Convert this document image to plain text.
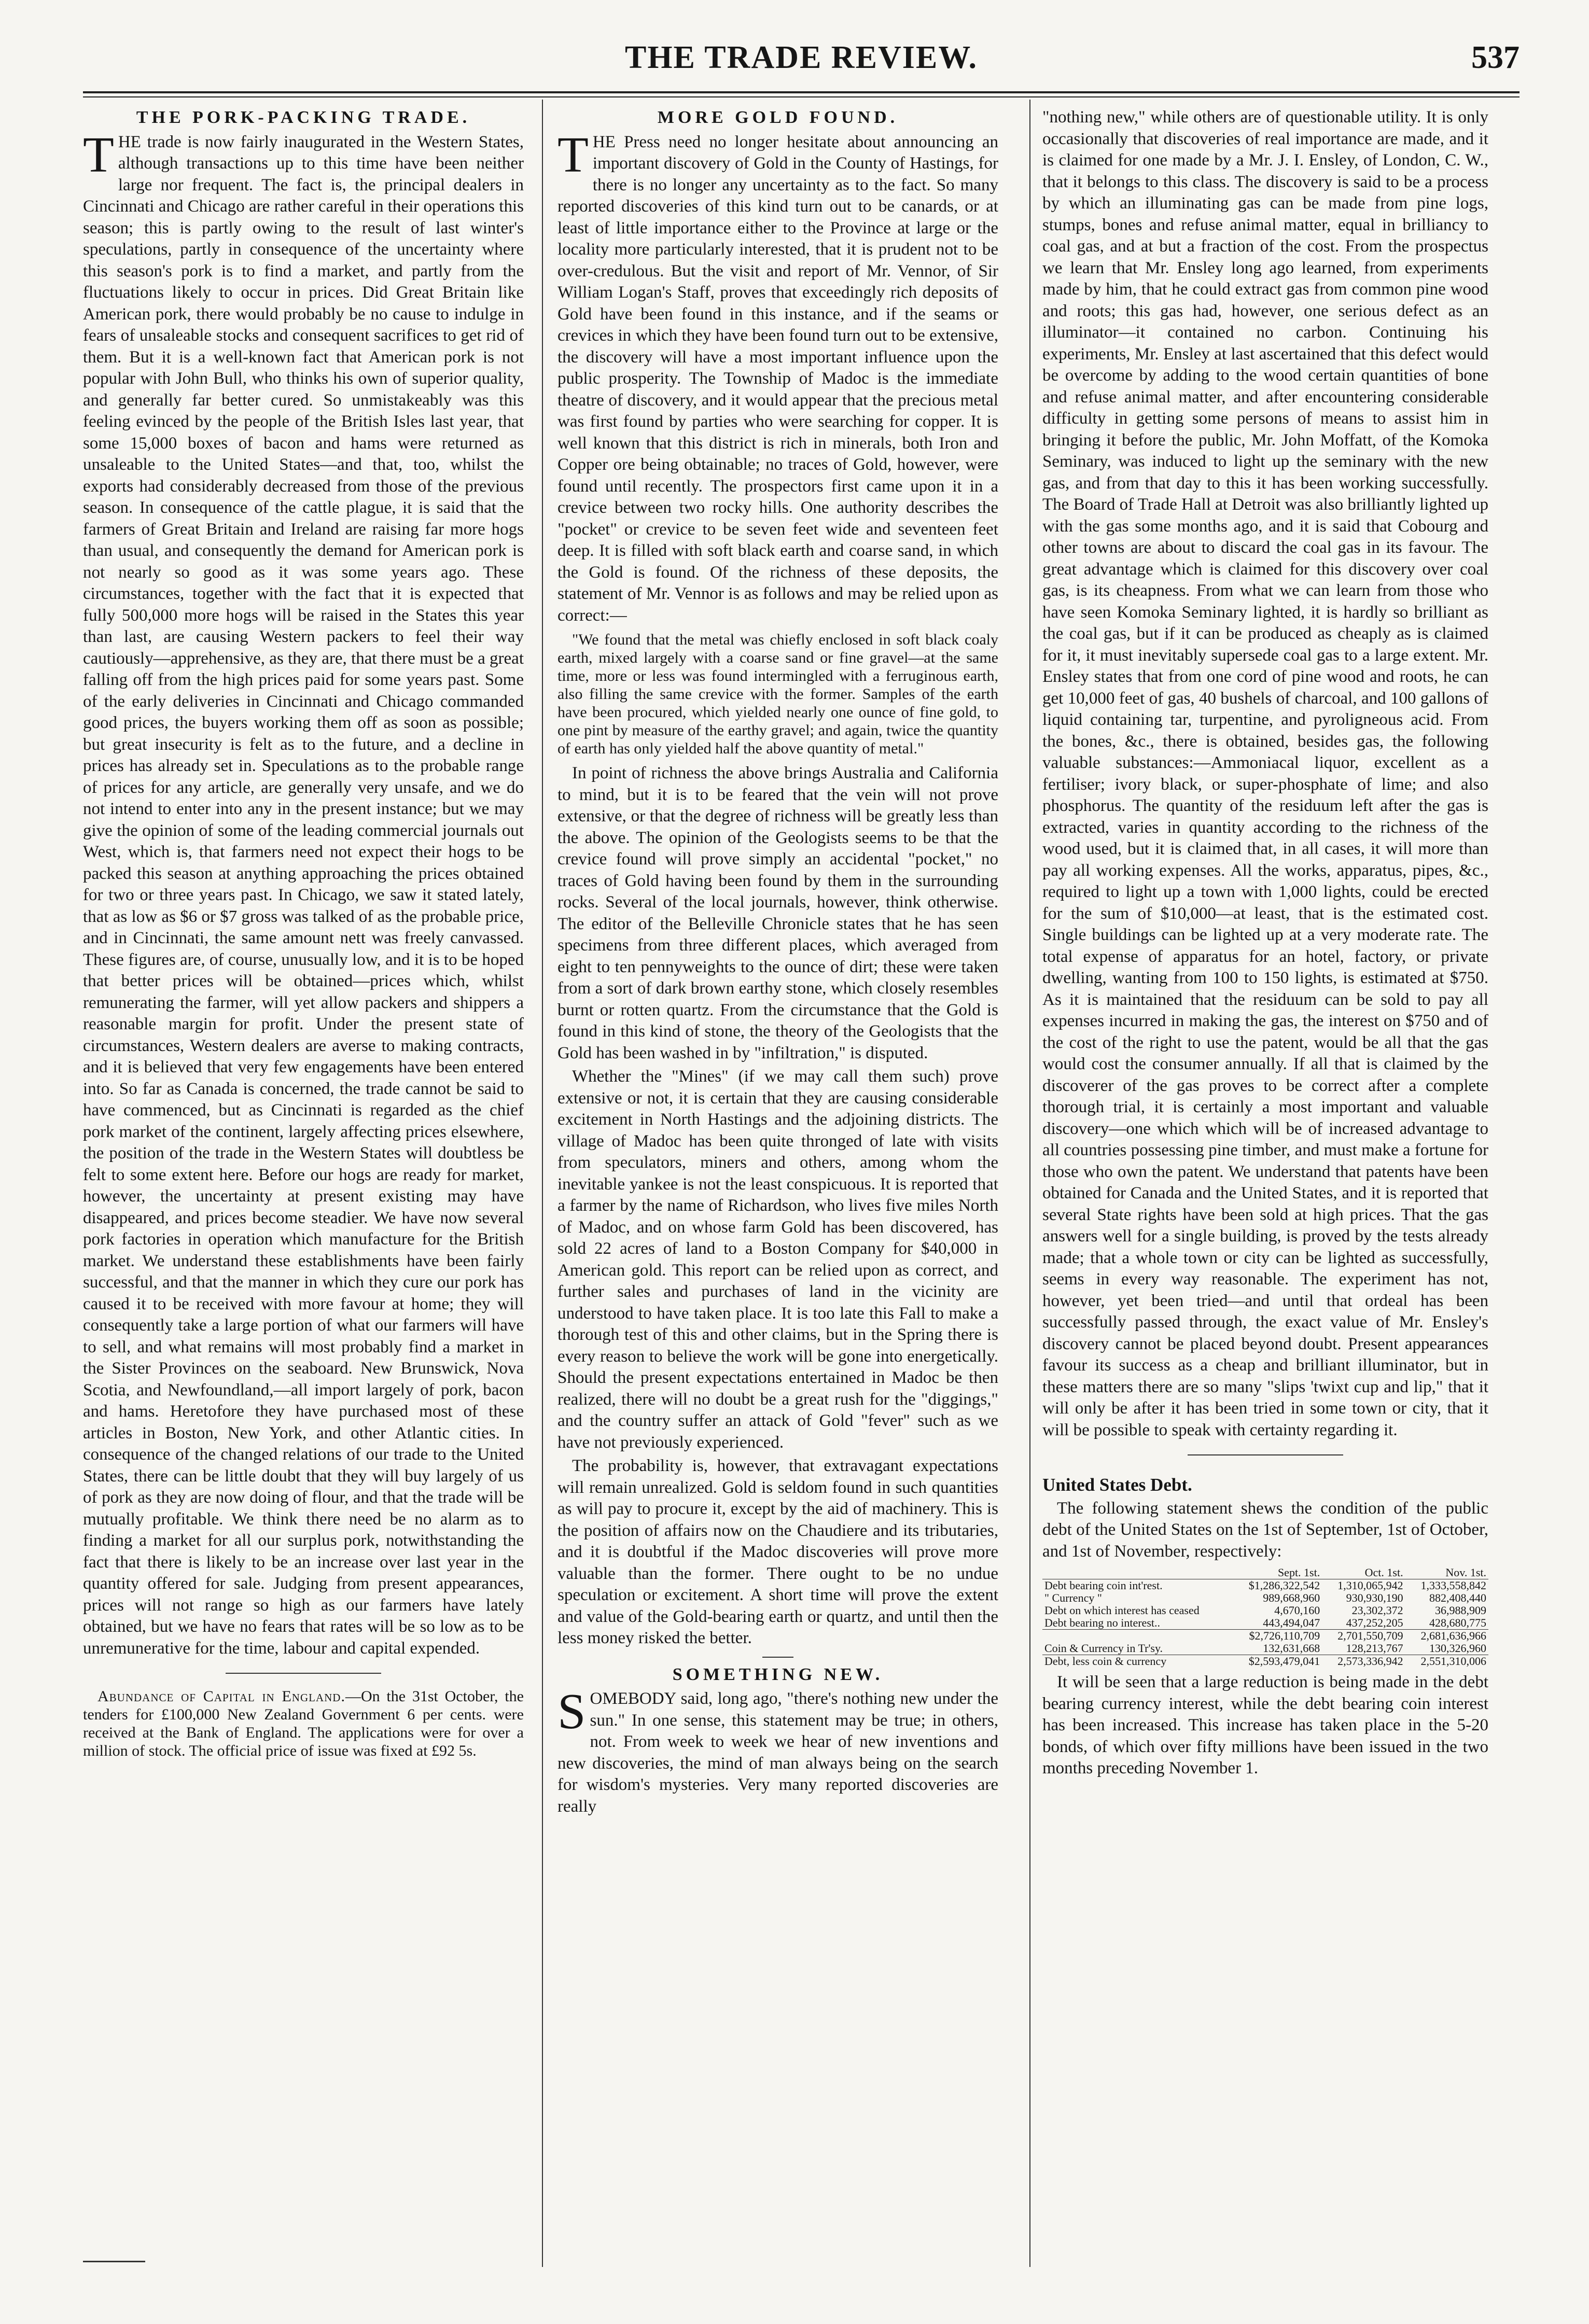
THE TRADE REVIEW.	537
THE PORK-PACKING TRADE.

THE trade is now fairly inaugurated in the Western States, although transactions up to this time have been neither large nor frequent. The fact is, the principal dealers in Cincinnati and Chicago are rather careful in their operations this season; this is partly owing to the result of last winter's speculations, partly in consequence of the uncertainty where this season's pork is to find a market, and partly from the fluctuations likely to occur in prices. Did Great Britain like American pork, there would probably be no cause to indulge in fears of unsaleable stocks and consequent sacrifices to get rid of them. But it is a well-known fact that American pork is not popular with John Bull, who thinks his own of superior quality, and generally far better cured. So unmistakeably was this feeling evinced by the people of the British Isles last year, that some 15,000 boxes of bacon and hams were returned as unsaleable to the United States—and that, too, whilst the exports had considerably decreased from those of the previous season. In consequence of the cattle plague, it is said that the farmers of Great Britain and Ireland are raising far more hogs than usual, and consequently the demand for American pork is not nearly so good as it was some years ago. These circumstances, together with the fact that it is expected that fully 500,000 more hogs will be raised in the States this year than last, are causing Western packers to feel their way cautiously—apprehensive, as they are, that there must be a great falling off from the high prices paid for some years past. Some of the early deliveries in Cincinnati and Chicago commanded good prices, the buyers working them off as soon as possible; but great insecurity is felt as to the future, and a decline in prices has already set in. Speculations as to the probable range of prices for any article, are generally very unsafe, and we do not intend to enter into any in the present instance; but we may give the opinion of some of the leading commercial journals out West, which is, that farmers need not expect their hogs to be packed this season at anything approaching the prices obtained for two or three years past. In Chicago, we saw it stated lately, that as low as $6 or $7 gross was talked of as the probable price, and in Cincinnati, the same amount nett was freely canvassed. These figures are, of course, unusually low, and it is to be hoped that better prices will be obtained—prices which, whilst remunerating the farmer, will yet allow packers and shippers a reasonable margin for profit. Under the present state of circumstances, Western dealers are averse to making contracts, and it is believed that very few engagements have been entered into. So far as Canada is concerned, the trade cannot be said to have commenced, but as Cincinnati is regarded as the chief pork market of the continent, largely affecting prices elsewhere, the position of the trade in the Western States will doubtless be felt to some extent here. Before our hogs are ready for market, however, the uncertainty at present existing may have disappeared, and prices become steadier. We have now several pork factories in operation which manufacture for the British market. We understand these establishments have been fairly successful, and that the manner in which they cure our pork has caused it to be received with more favour at home; they will consequently take a large portion of what our farmers will have to sell, and what remains will most probably find a market in the Sister Provinces on the seaboard. New Brunswick, Nova Scotia, and Newfoundland,—all import largely of pork, bacon and hams. Heretofore they have purchased most of these articles in Boston, New York, and other Atlantic cities. In consequence of the changed relations of our trade to the United States, there can be little doubt that they will buy largely of us of pork as they are now doing of flour, and that the trade will be mutually profitable. We think there need be no alarm as to finding a market for all our surplus pork, notwithstanding the fact that there is likely to be an increase over last year in the quantity offered for sale. Judging from present appearances, prices will not range so high as our farmers have lately obtained, but we have no fears that rates will be so low as to be unremunerative for the time, labour and capital expended.

Abundance of Capital in England.—On the 31st October, the tenders for £100,000 New Zealand Government 6 per cents. were received at the Bank of England. The applications were for over a million of stock. The official price of issue was fixed at £92 5s.

MORE GOLD FOUND.

THE Press need no longer hesitate about announcing an important discovery of Gold in the County of Hastings, for there is no longer any uncertainty as to the fact. So many reported discoveries of this kind turn out to be canards, or at least of little importance either to the Province at large or the locality more particularly interested, that it is prudent not to be over-credulous. But the visit and report of Mr. Vennor, of Sir William Logan's Staff, proves that exceedingly rich deposits of Gold have been found in this instance, and if the seams or crevices in which they have been found turn out to be extensive, the discovery will have a most important influence upon the public prosperity. The Township of Madoc is the immediate theatre of discovery, and it would appear that the precious metal was first found by parties who were searching for copper. It is well known that this district is rich in minerals, both Iron and Copper ore being obtainable; no traces of Gold, however, were found until recently. The prospectors first came upon it in a crevice between two rocky hills. One authority describes the "pocket" or crevice to be seven feet wide and seventeen feet deep. It is filled with soft black earth and coarse sand, in which the Gold is found. Of the richness of these deposits, the statement of Mr. Vennor is as follows and may be relied upon as correct:—

"We found that the metal was chiefly enclosed in soft black coaly earth, mixed largely with a coarse sand or fine gravel—at the same time, more or less was found intermingled with a ferruginous earth, also filling the same crevice with the former. Samples of the earth have been procured, which yielded nearly one ounce of fine gold, to one pint by measure of the earthy gravel; and again, twice the quantity of earth has only yielded half the above quantity of metal."

In point of richness the above brings Australia and California to mind, but it is to be feared that the vein will not prove extensive, or that the degree of richness will be greatly less than the above. The opinion of the Geologists seems to be that the crevice found will prove simply an accidental "pocket," no traces of Gold having been found by them in the surrounding rocks. Several of the local journals, however, think otherwise. The editor of the Belleville Chronicle states that he has seen specimens from three different places, which averaged from eight to ten pennyweights to the ounce of dirt; these were taken from a sort of dark brown earthy stone, which closely resembles burnt or rotten quartz. From the circumstance that the Gold is found in this kind of stone, the theory of the Geologists that the Gold has been washed in by "infiltration," is disputed.

Whether the "Mines" (if we may call them such) prove extensive or not, it is certain that they are causing considerable excitement in North Hastings and the adjoining districts. The village of Madoc has been quite thronged of late with visits from speculators, miners and others, among whom the inevitable yankee is not the least conspicuous. It is reported that a farmer by the name of Richardson, who lives five miles North of Madoc, and on whose farm Gold has been discovered, has sold 22 acres of land to a Boston Company for $40,000 in American gold. This report can be relied upon as correct, and further sales and purchases of land in the vicinity are understood to have taken place. It is too late this Fall to make a thorough test of this and other claims, but in the Spring there is every reason to believe the work will be gone into energetically. Should the present expectations entertained in Madoc be then realized, there will no doubt be a great rush for the "diggings," and the country suffer an attack of Gold "fever" such as we have not previously experienced.

The probability is, however, that extravagant expectations will remain unrealized. Gold is seldom found in such quantities as will pay to procure it, except by the aid of machinery. This is the position of affairs now on the Chaudiere and its tributaries, and it is doubtful if the Madoc discoveries will prove more valuable than the former. There ought to be no undue speculation or excitement. A short time will prove the extent and value of the Gold-bearing earth or quartz, and until then the less money risked the better.

SOMETHING NEW.

SOMEBODY said, long ago, "there's nothing new under the sun." In one sense, this statement may be true; in others, not. From week to week we hear of new inventions and new discoveries, the mind of man always being on the search for wisdom's mysteries. Very many reported discoveries are really

"nothing new," while others are of questionable utility. It is only occasionally that discoveries of real importance are made, and it is claimed for one made by a Mr. J. I. Ensley, of London, C. W., that it belongs to this class. The discovery is said to be a process by which an illuminating gas can be made from pine logs, stumps, bones and refuse animal matter, equal in brilliancy to coal gas, and at but a fraction of the cost. From the prospectus we learn that Mr. Ensley long ago learned, from experiments made by him, that he could extract gas from common pine wood and roots; this gas had, however, one serious defect as an illuminator—it contained no carbon. Continuing his experiments, Mr. Ensley at last ascertained that this defect would be overcome by adding to the wood certain quantities of bone and refuse animal matter, and after encountering considerable difficulty in getting some persons of means to assist him in bringing it before the public, Mr. John Moffatt, of the Komoka Seminary, was induced to light up the seminary with the new gas, and from that day to this it has been working successfully. The Board of Trade Hall at Detroit was also brilliantly lighted up with the gas some months ago, and it is said that Cobourg and other towns are about to discard the coal gas in its favour. The great advantage which is claimed for this discovery over coal gas, is its cheapness. From what we can learn from those who have seen Komoka Seminary lighted, it is hardly so brilliant as the coal gas, but if it can be produced as cheaply as is claimed for it, it must inevitably supersede coal gas to a large extent. Mr. Ensley states that from one cord of pine wood and roots, he can get 10,000 feet of gas, 40 bushels of charcoal, and 100 gallons of liquid containing tar, turpentine, and pyroligneous acid. From the bones, &c., there is obtained, besides gas, the following valuable substances:—Ammoniacal liquor, excellent as a fertiliser; ivory black, or super-phosphate of lime; and also phosphorus. The quantity of the residuum left after the gas is extracted, varies in quantity according to the richness of the wood used, but it is claimed that, in all cases, it will more than pay all working expenses. All the works, apparatus, pipes, &c., required to light up a town with 1,000 lights, could be erected for the sum of $10,000—at least, that is the estimated cost. Single buildings can be lighted up at a very moderate rate. The total expense of apparatus for an hotel, factory, or private dwelling, wanting from 100 to 150 lights, is estimated at $750. As it is maintained that the residuum can be sold to pay all expenses incurred in making the gas, the interest on $750 and of the cost of the right to use the patent, would be all that the gas would cost the consumer annually. If all that is claimed by the discoverer of the gas proves to be correct after a complete thorough trial, it is certainly a most important and valuable discovery—one which which will be of increased advantage to all countries possessing pine timber, and must make a fortune for those who own the patent. We understand that patents have been obtained for Canada and the United States, and it is reported that several State rights have been sold at high prices. That the gas answers well for a single building, is proved by the tests already made; that a whole town or city can be lighted as successfully, seems in every way reasonable. The experiment has not, however, yet been tried—and until that ordeal has been successfully passed through, the exact value of Mr. Ensley's discovery cannot be placed beyond doubt. Present appearances favour its success as a cheap and brilliant illuminator, but in these matters there are so many "slips 'twixt cup and lip," that it will only be after it has been tried in some town or city, that it will be possible to speak with certainty regarding it.

United States Debt.

The following statement shews the condition of the public debt of the United States on the 1st of September, 1st of October, and 1st of November, respectively:

	Sept. 1st.	Oct. 1st.	Nov. 1st.
Debt bearing coin int'rest.	$1,286,322,542	1,310,065,942	1,333,558,842
" Currency "	989,668,960	930,930,190	882,408,440
Debt on which interest has ceased	4,670,160	23,302,372	36,988,909
Debt bearing no interest..	443,494,047	437,252,205	428,680,775
	$2,726,110,709	2,701,550,709	2,681,636,966
Coin & Currency in Tr'sy.	132,631,668	128,213,767	130,326,960
Debt, less coin & currency	$2,593,479,041	2,573,336,942	2,551,310,006

It will be seen that a large reduction is being made in the debt bearing currency interest, while the debt bearing coin interest has been increased. This increase has taken place in the 5-20 bonds, of which over fifty millions have been issued in the two months preceding November 1.
